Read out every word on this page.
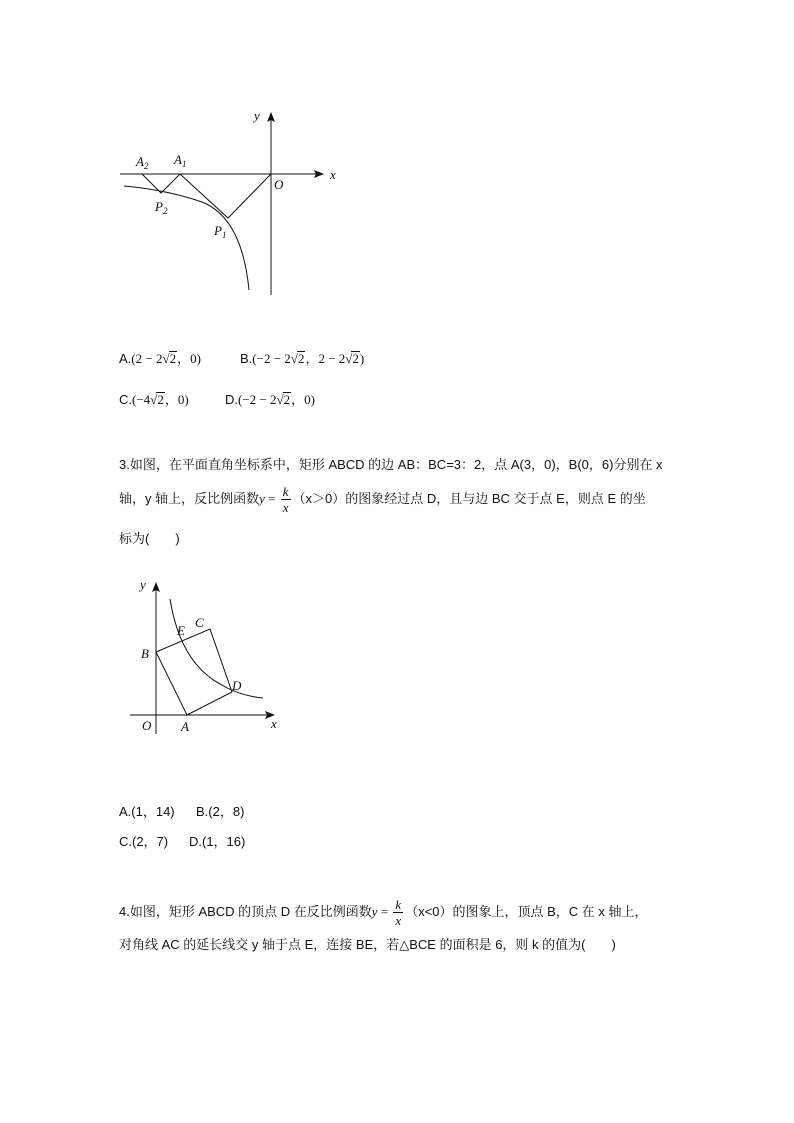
y
x
O
$A_2$ $A_1$
$P_2$
$P_1$
A.(2 − 2√2，0)	B.(−2 − 2√2，2 − 2√2)
C.(−4√2，0)	D.(−2 − 2√2，0)
3.如图，在平面直角坐标系中，矩形 ABCD 的边 AB：BC=3：2，点 A(3，0)，B(0，6)分别在 x
轴，y 轴上，反比例函数$y = \frac{k}{x} (x>0)$的图象经过点 D，且与边 BC 交于点 E，则点 E 的坐
标为(　　)
y
x
O A
B
C
D
E
A.(1，14) B.(2，8)
C.(2，7) D.(1，16)
4.如图，矩形 ABCD 的顶点 D 在反比例函数$y = \frac{k}{x} (x<0)$的图象上，顶点 B，C 在 x 轴上，
对角线 AC 的延长线交 y 轴于点 E，连接 BE，若△BCE 的面积是 6，则 k 的值为(　　)
